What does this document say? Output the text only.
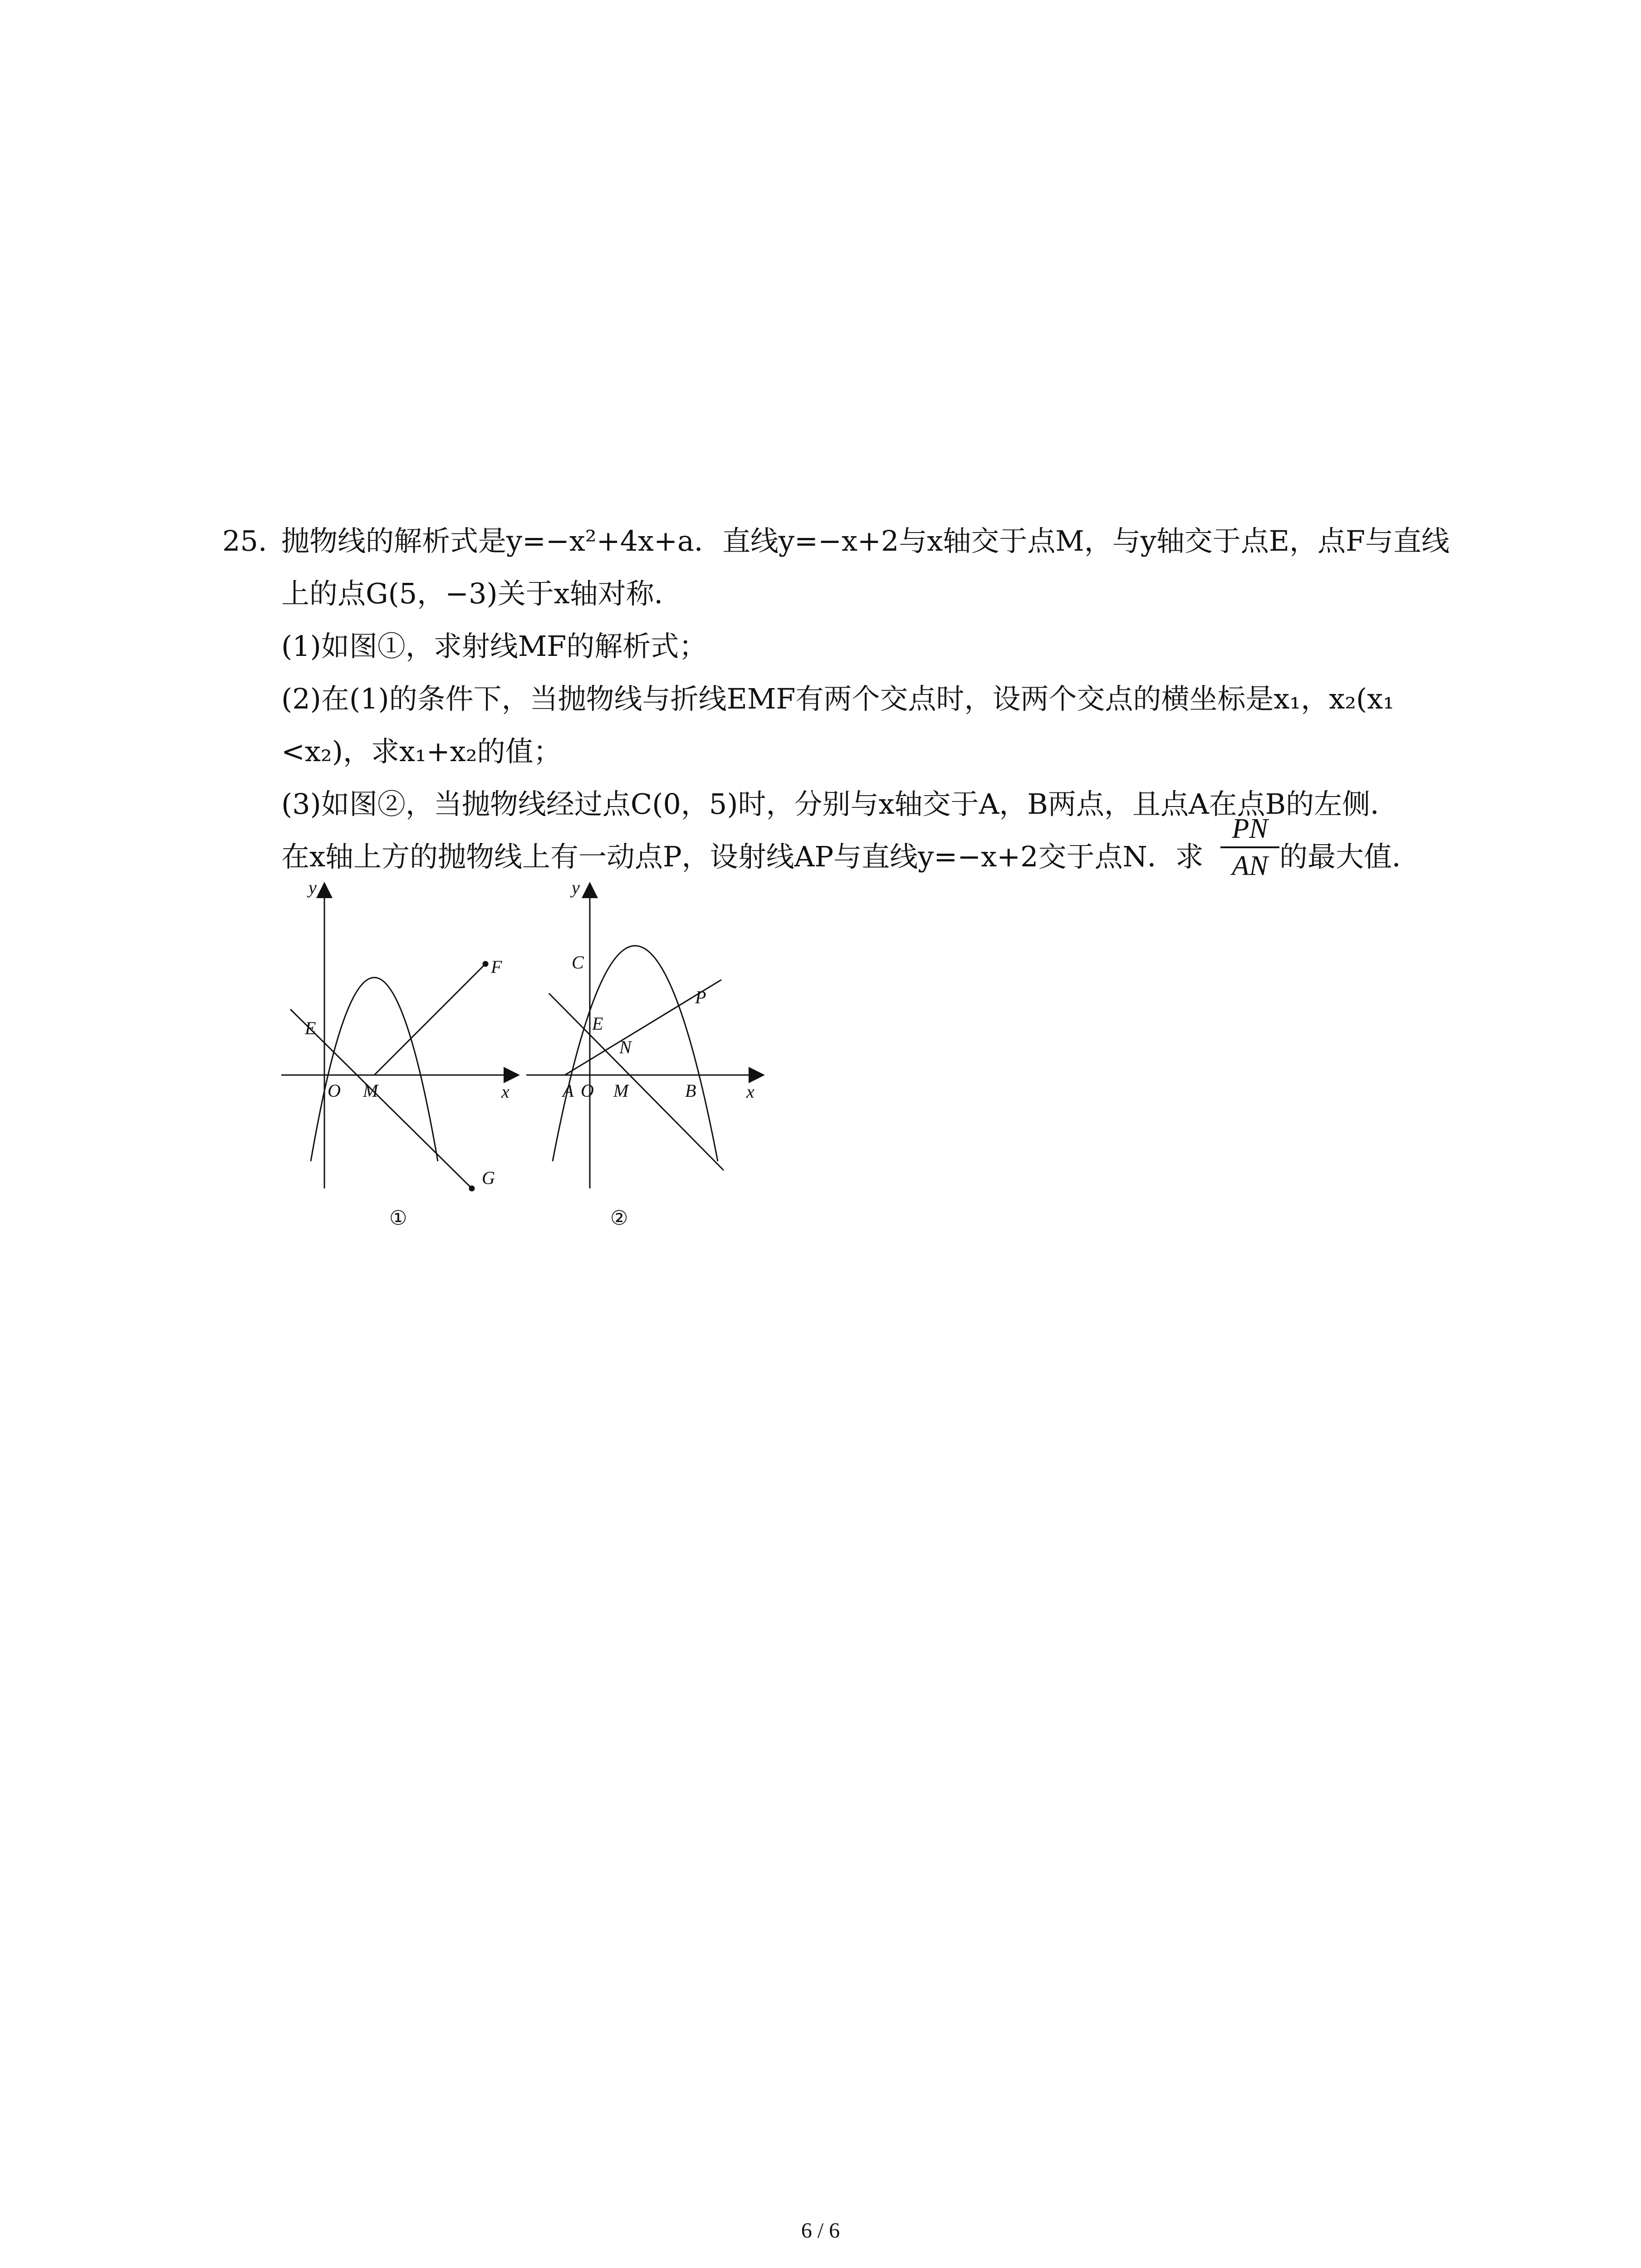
25. 抛物线的解析式是y=−x²+4x+a．直线y=−x+2与x轴交于点M，与y轴交于点E，点F与直线
上的点G(5，−3)关于x轴对称．
(1)如图①，求射线MF的解析式；
(2)在(1)的条件下，当抛物线与折线EMF有两个交点时，设两个交点的横坐标是x₁，x₂(x₁
<x₂)，求x₁+x₂的值；
(3)如图②，当抛物线经过点C(0，5)时，分别与x轴交于A，B两点，且点A在点B的左侧．
在x轴上方的抛物线上有一动点P，设射线AP与直线y=−x+2交于点N．求	的最大值．
PN
AN
y
x
O M
E
F
G
①
y
x
A O M	B
C
E
N
P
②
6 / 6
